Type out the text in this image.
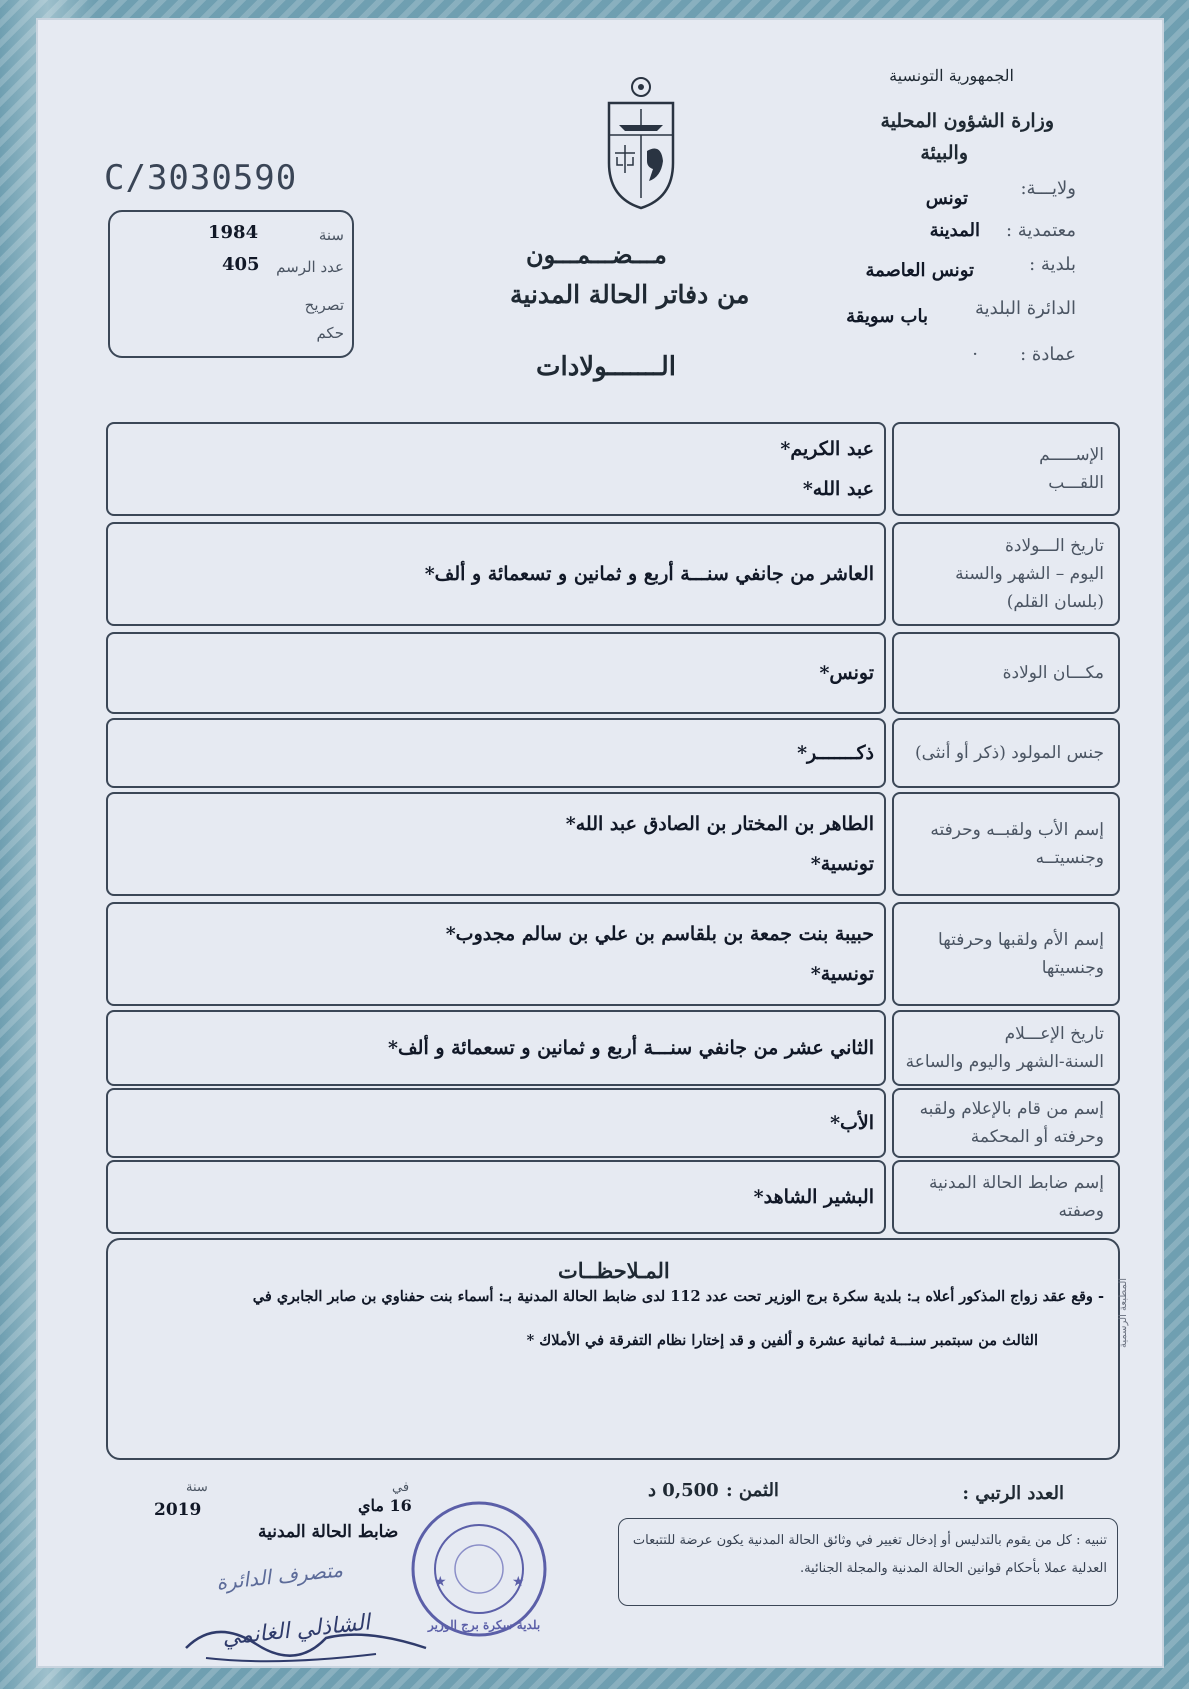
الجمهورية التونسية
وزارة الشؤون المحلية
والبيئة
ولايـــة:
تونس
معتمدية :
المدينة
بلدية :
تونس العاصمة
الدائرة البلدية
باب سويقة
عمادة :
·
C/3030590
سنة
1984
عدد الرسم
405
تصريح
حكم
مـــضـــمـــون
من دفاتر الحالة المدنية
الـــــــولادات
الإســـــم
اللقـــب
عبد الكريم*
عبد الله*
تاريخ الـــولادة
اليوم – الشهر والسنة
(بلسان القلم)
العاشر من جانفي سنـــة أربع و ثمانين و تسعمائة و ألف*
مكـــان الولادة
تونس*
جنس المولود (ذكر أو أنثى)
ذكـــــــر*
إسم الأب ولقبــه وحرفته
وجنسيتــه
الطاهر بن المختار بن الصادق عبد الله*
تونسية*
إسم الأم ولقبها وحرفتها
وجنسيتها
حبيبة بنت جمعة بن بلقاسم بن علي بن سالم مجدوب*
تونسية*
تاريخ الإعـــلام
السنة-الشهر واليوم والساعة
الثاني عشر من جانفي سنـــة أربع و ثمانين و تسعمائة و ألف*
إسم من قام بالإعلام ولقبه
وحرفته أو المحكمة
الأب*
إسم ضابط الحالة المدنية
وصفته
البشير الشاهد*
المـلاحظــات
- وقع عقد زواج المذكور أعلاه بـ: بلدية سكرة برج الوزير تحت عدد 112 لدى ضابط الحالة المدنية بـ: أسماء بنت حفناوي بن صابر الجابري في
الثالث من سبتمبر سنـــة ثمانية عشرة و ألفين و قد إختارا نظام التفرقة في الأملاك *	المطبعة الرسمية
العدد الرتبي :
الثمن :
0,500 د
في
16 ماي
سنة
2019
ضابط الحالة المدنية
متصرف الدائرة
الشاذلي الغانمي
★	★
بلدية سكرة برج الوزير
تنبيه : كل من يقوم بالتدليس أو إدخال تغيير في وثائق الحالة المدنية يكون عرضة للتتبعات العدلية عملا بأحكام قوانين الحالة المدنية والمجلة الجنائية.
